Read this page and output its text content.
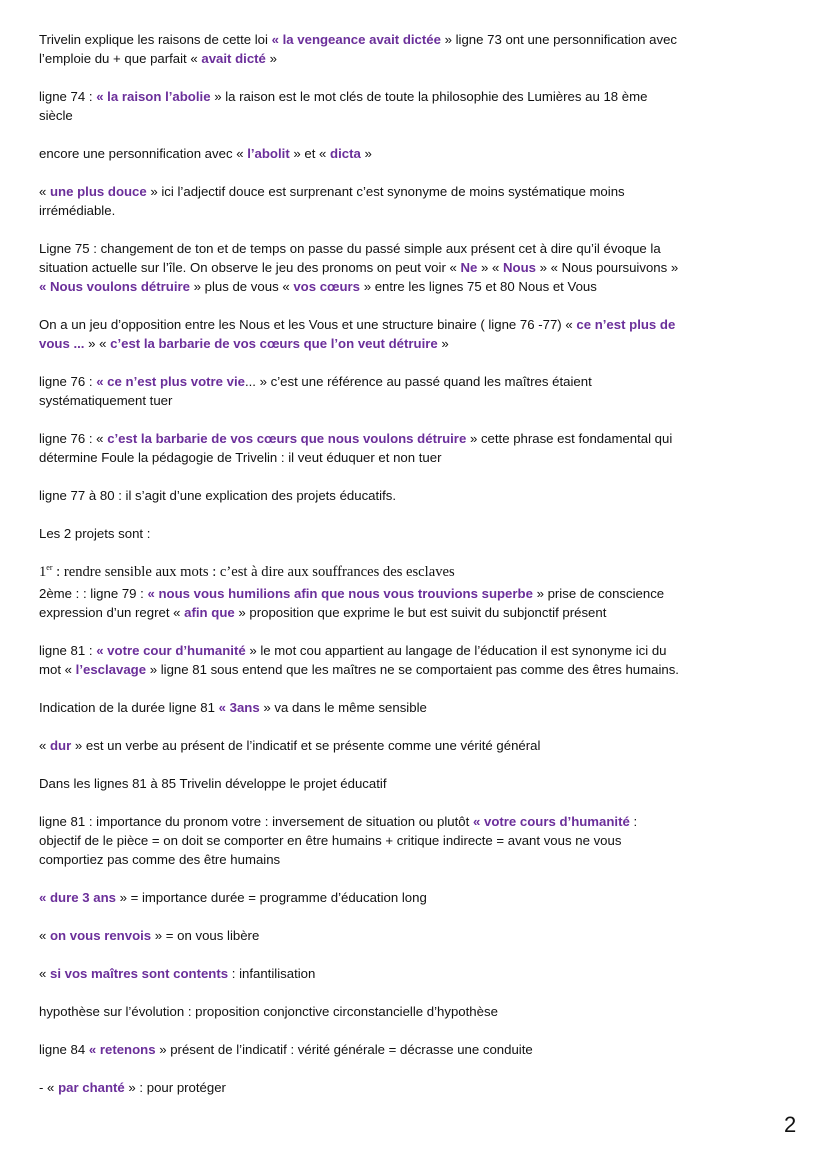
Trivelin explique les raisons de cette loi « la vengeance avait dictée » ligne 73 ont une personnification avec l’emploie du + que parfait « avait dicté »

ligne 74 : « la raison l’abolie » la raison est le mot clés de toute la philosophie des Lumières au 18 ème siècle

encore une personnification avec « l’abolit » et « dicta »

« une plus douce » ici l’adjectif douce est surprenant c’est synonyme de moins systématique moins irrémédiable.

Ligne 75 : changement de ton et de temps on passe du passé simple aux présent cet à dire qu’il évoque la situation actuelle sur l’île. On observe le jeu des pronoms on peut voir « Ne » « Nous » « Nous poursuivons » « Nous voulons détruire » plus de vous « vos cœurs » entre les lignes 75 et 80 Nous et Vous

On a un jeu d’opposition entre les Nous et les Vous et une structure binaire ( ligne 76 -77) « ce n’est plus de vous ... » « c’est la barbarie de vos cœurs que l’on veut détruire »

ligne 76 : « ce n’est plus votre vie... » c’est une référence au passé quand les maîtres étaient systématiquement tuer

ligne 76 : « c’est la barbarie de vos cœurs que nous voulons détruire » cette phrase est fondamental qui détermine Foule la pédagogie de Trivelin : il veut éduquer et non tuer

ligne 77 à 80 : il s’agit d’une explication des projets éducatifs.

Les 2 projets sont :

1er : rendre sensible aux mots : c’est à dire aux souffrances des esclaves

2ème : : ligne 79 : « nous vous humilions afin que nous vous trouvions superbe » prise de conscience expression d’un regret « afin que » proposition que exprime le but est suivit du subjonctif présent

ligne 81 : « votre cour d’humanité » le mot cou appartient au langage de l’éducation il est synonyme ici du mot « l’esclavage » ligne 81 sous entend que les maîtres ne se comportaient pas comme des êtres humains.

Indication de la durée ligne 81 « 3ans » va dans le même sensible

« dur » est un verbe au présent de l’indicatif et se présente comme une vérité général

Dans les lignes 81 à 85 Trivelin développe le projet éducatif

ligne 81 : importance du pronom votre : inversement de situation ou plutôt « votre cours d’humanité : objectif de le pièce = on doit se comporter en être humains + critique indirecte = avant vous ne vous comportiez pas comme des être humains

« dure 3 ans » = importance durée = programme d’éducation long

« on vous renvois » = on vous libère

« si vos maîtres sont contents : infantilisation

hypothèse sur l’évolution : proposition conjonctive circonstancielle d’hypothèse

ligne 84 « retenons » présent de l’indicatif : vérité générale = décrasse une conduite

- « par chanté » : pour protéger

2
